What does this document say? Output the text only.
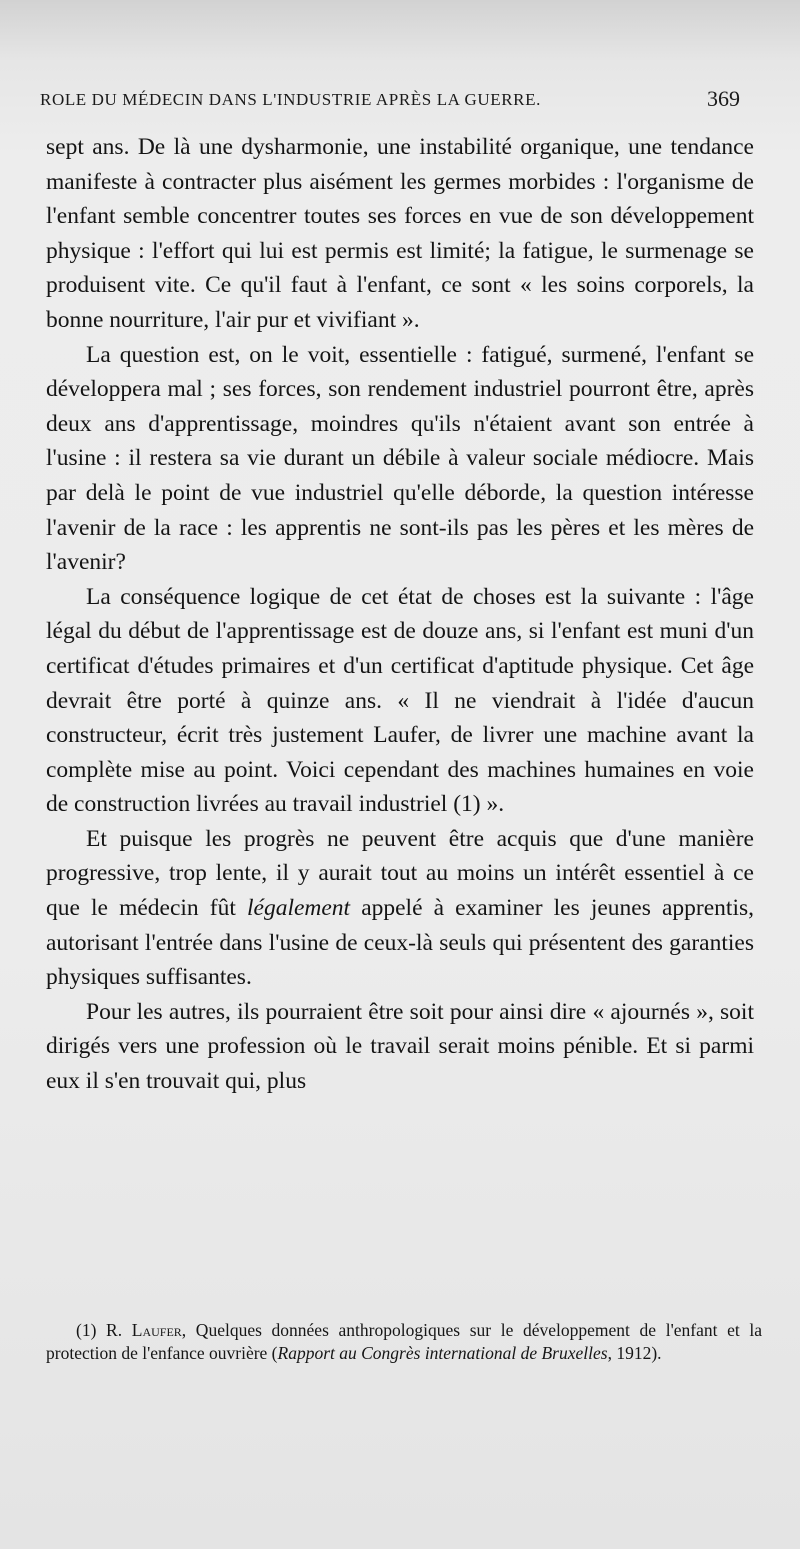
ROLE DU MÉDECIN DANS L'INDUSTRIE APRÈS LA GUERRE.	369

sept ans. De là une dysharmonie, une instabilité organique, une tendance manifeste à contracter plus aisément les germes morbides : l'organisme de l'enfant semble concentrer toutes ses forces en vue de son développement physique : l'effort qui lui est permis est limité; la fatigue, le surmenage se produisent vite. Ce qu'il faut à l'enfant, ce sont « les soins corporels, la bonne nourriture, l'air pur et vivifiant ».

La question est, on le voit, essentielle : fatigué, surmené, l'enfant se développera mal ; ses forces, son rendement industriel pourront être, après deux ans d'apprentissage, moindres qu'ils n'étaient avant son entrée à l'usine : il restera sa vie durant un débile à valeur sociale médiocre. Mais par delà le point de vue industriel qu'elle déborde, la question intéresse l'avenir de la race : les apprentis ne sont-ils pas les pères et les mères de l'avenir?

La conséquence logique de cet état de choses est la suivante : l'âge légal du début de l'apprentissage est de douze ans, si l'enfant est muni d'un certificat d'études primaires et d'un certificat d'aptitude physique. Cet âge devrait être porté à quinze ans. « Il ne viendrait à l'idée d'aucun constructeur, écrit très justement Laufer, de livrer une machine avant la complète mise au point. Voici cependant des machines humaines en voie de construction livrées au travail industriel (1) ».

Et puisque les progrès ne peuvent être acquis que d'une manière progressive, trop lente, il y aurait tout au moins un intérêt essentiel à ce que le médecin fût légalement appelé à examiner les jeunes apprentis, autorisant l'entrée dans l'usine de ceux-là seuls qui présentent des garanties physiques suffisantes.

Pour les autres, ils pourraient être soit pour ainsi dire « ajournés », soit dirigés vers une profession où le travail serait moins pénible. Et si parmi eux il s'en trouvait qui, plus

(1) R. Laufer, Quelques données anthropologiques sur le développement de l'enfant et la protection de l'enfance ouvrière (Rapport au Congrès international de Bruxelles, 1912).
